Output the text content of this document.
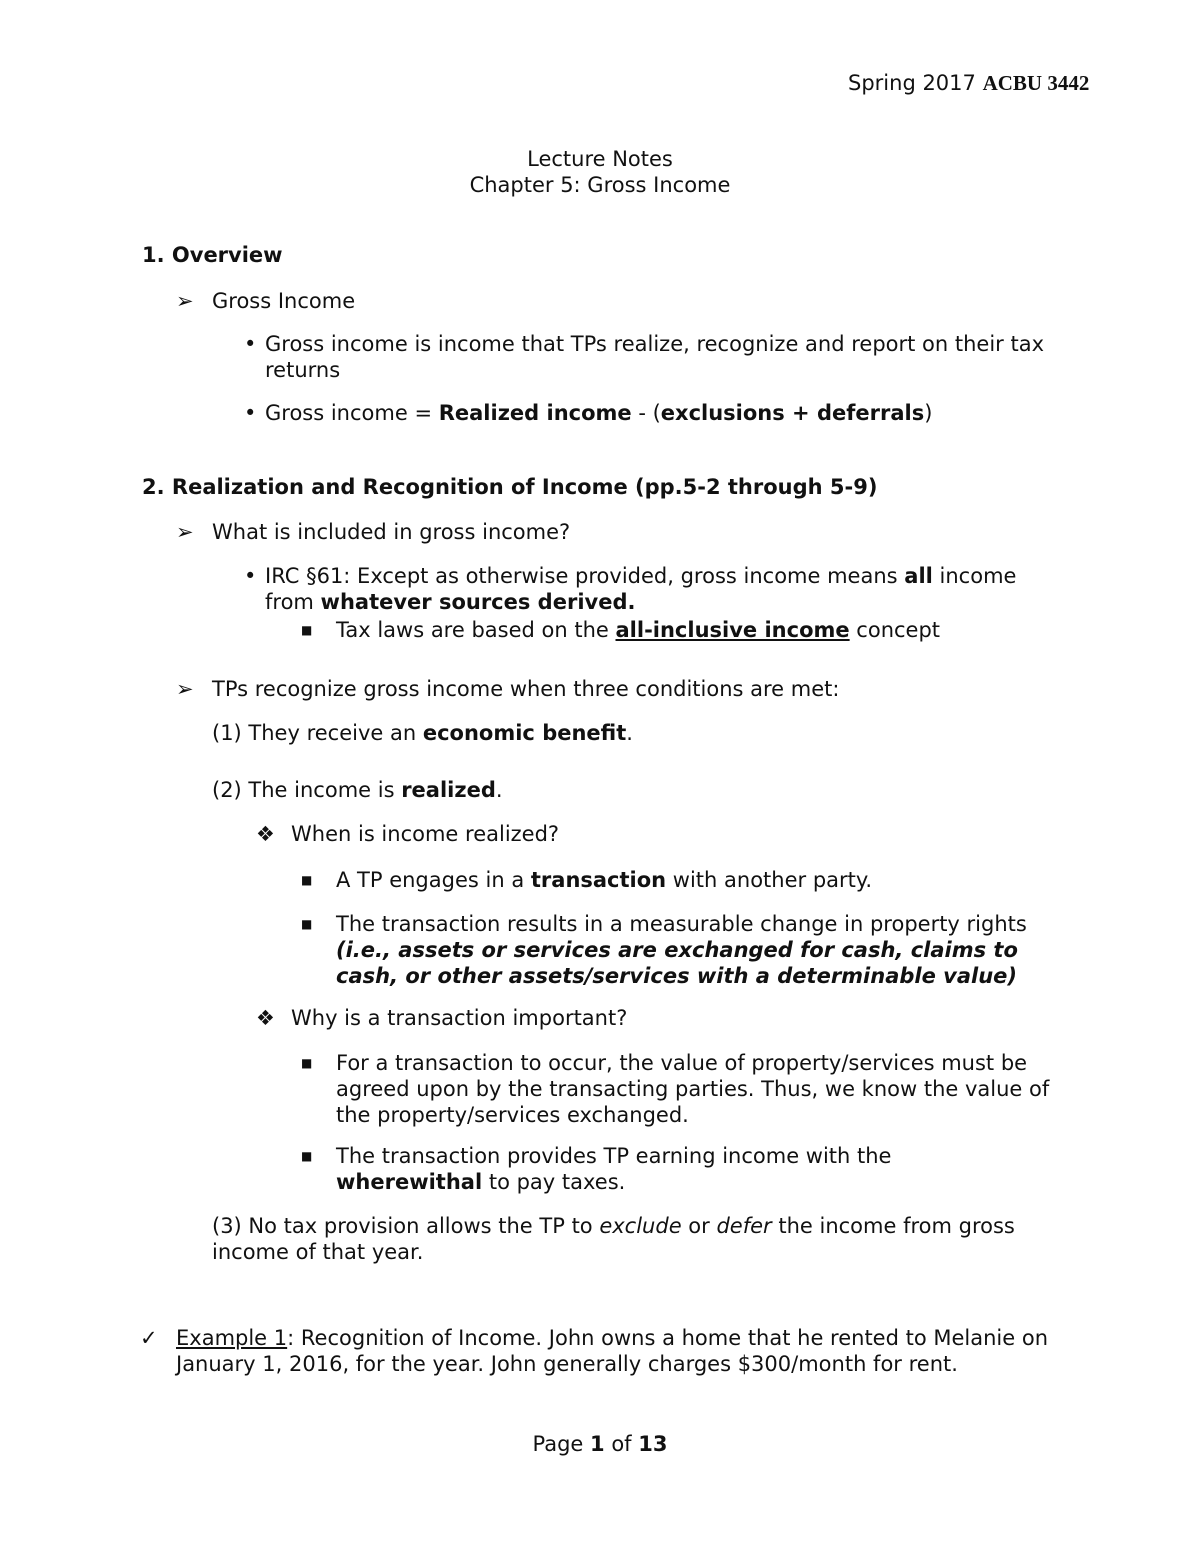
Spring 2017 ACBU 3442
Lecture Notes
Chapter 5: Gross Income
1. Overview
➢ Gross Income
• Gross income is income that TPs realize, recognize and report on their tax returns
• Gross income = Realized income - (exclusions + deferrals)
2. Realization and Recognition of Income (pp.5-2 through 5-9)
➢ What is included in gross income?
• IRC §61: Except as otherwise provided, gross income means all income from whatever sources derived.
■ Tax laws are based on the all-inclusive income concept
➢ TPs recognize gross income when three conditions are met:
(1) They receive an economic benefit.
(2) The income is realized.
❖ When is income realized?
■ A TP engages in a transaction with another party.
■ The transaction results in a measurable change in property rights (i.e., assets or services are exchanged for cash, claims to cash, or other assets/services with a determinable value)
❖ Why is a transaction important?
■ For a transaction to occur, the value of property/services must be agreed upon by the transacting parties. Thus, we know the value of the property/services exchanged.
■ The transaction provides TP earning income with the wherewithal to pay taxes.
(3) No tax provision allows the TP to exclude or defer the income from gross income of that year.
✓ Example 1: Recognition of Income. John owns a home that he rented to Melanie on January 1, 2016, for the year. John generally charges $300/month for rent.
Page 1 of 13
